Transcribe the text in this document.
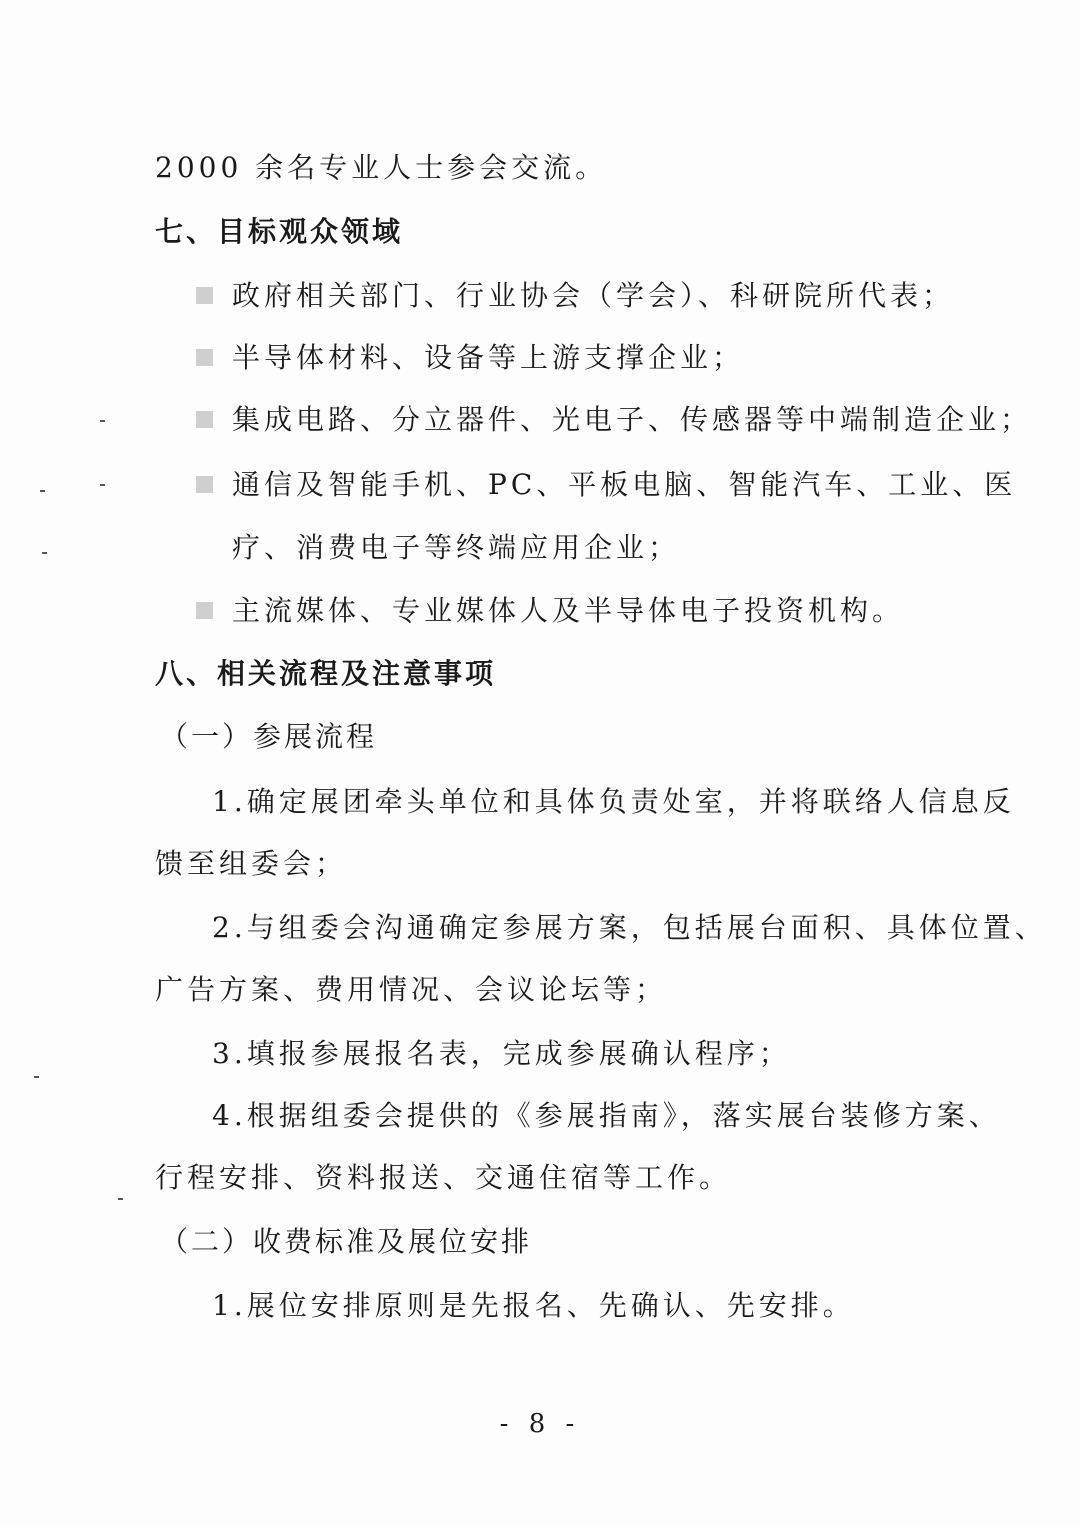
2000 余名专业人士参会交流。
七、目标观众领域
政府相关部门、行业协会（学会）、科研院所代表；
半导体材料、设备等上游支撑企业；
集成电路、分立器件、光电子、传感器等中端制造企业；
通信及智能手机、PC、平板电脑、智能汽车、工业、医
疗、消费电子等终端应用企业；
主流媒体、专业媒体人及半导体电子投资机构。
八、相关流程及注意事项
（一）参展流程
1.确定展团牵头单位和具体负责处室，并将联络人信息反
馈至组委会；
2.与组委会沟通确定参展方案，包括展台面积、具体位置、
广告方案、费用情况、会议论坛等；
3.填报参展报名表，完成参展确认程序；
4.根据组委会提供的《参展指南》，落实展台装修方案、
行程安排、资料报送、交通住宿等工作。
（二）收费标准及展位安排
1.展位安排原则是先报名、先确认、先安排。
- 8 -
